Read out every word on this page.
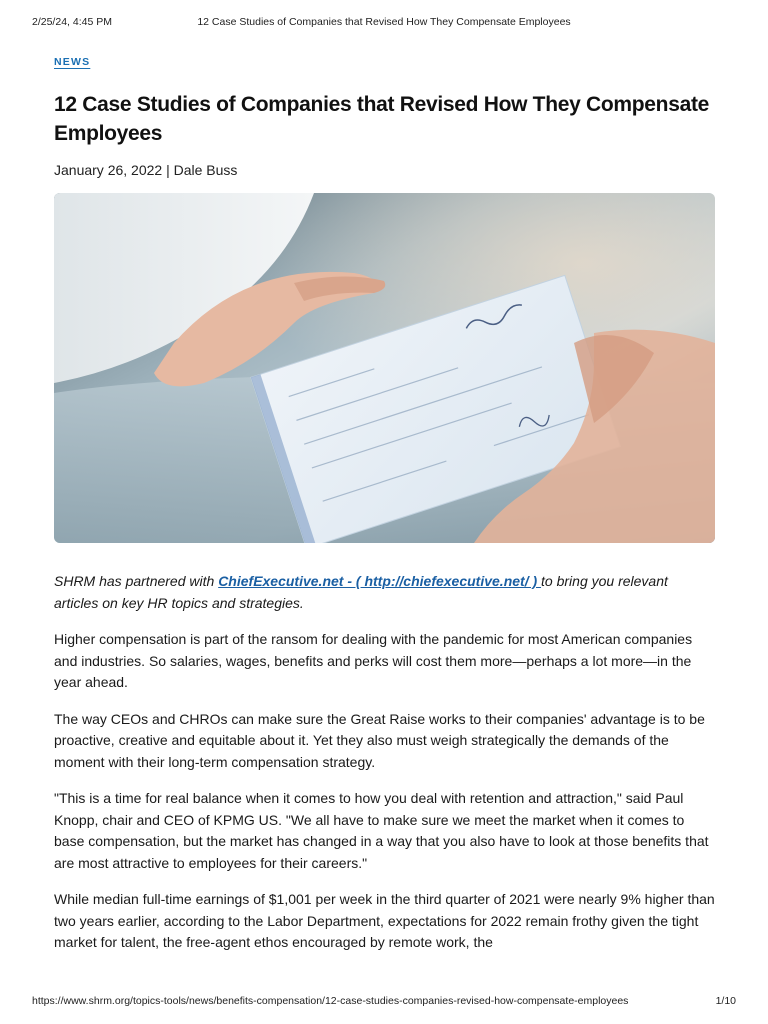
2/25/24, 4:45 PM	12 Case Studies of Companies that Revised How They Compensate Employees
NEWS
12 Case Studies of Companies that Revised How They Compensate Employees
January 26, 2022 | Dale Buss

SHRM has partnered with ChiefExecutive.net - ( http://chiefexecutive.net/ ) to bring you relevant articles on key HR topics and strategies.

Higher compensation is part of the ransom for dealing with the pandemic for most American companies and industries. So salaries, wages, benefits and perks will cost them more—perhaps a lot more—in the year ahead.

The way CEOs and CHROs can make sure the Great Raise works to their companies' advantage is to be proactive, creative and equitable about it. Yet they also must weigh strategically the demands of the moment with their long-term compensation strategy.

"This is a time for real balance when it comes to how you deal with retention and attraction," said Paul Knopp, chair and CEO of KPMG US. "We all have to make sure we meet the market when it comes to base compensation, but the market has changed in a way that you also have to look at those benefits that are most attractive to employees for their careers."

While median full-time earnings of $1,001 per week in the third quarter of 2021 were nearly 9% higher than two years earlier, according to the Labor Department, expectations for 2022 remain frothy given the tight market for talent, the free-agent ethos encouraged by remote work, the

https://www.shrm.org/topics-tools/news/benefits-compensation/12-case-studies-companies-revised-how-compensate-employees	1/10
